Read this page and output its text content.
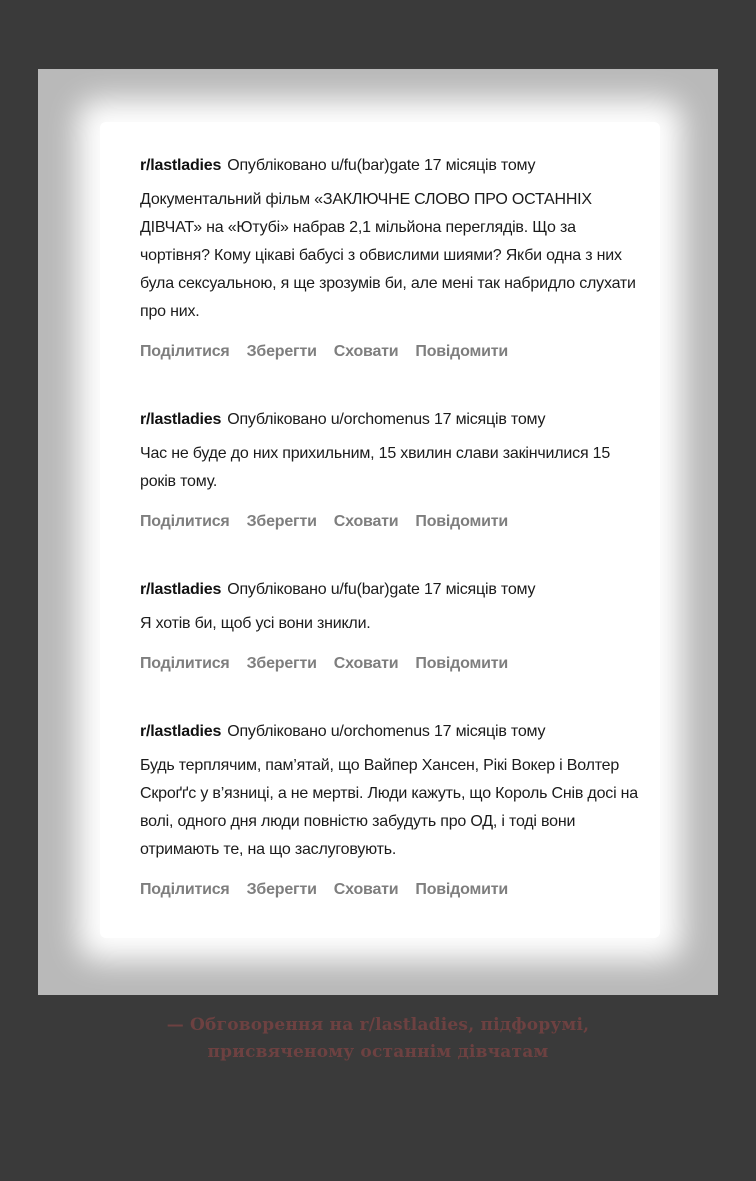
r/lastladies Опубліковано u/fu(bar)gate 17 місяців тому

Документальний фільм «ЗАКЛЮЧНЕ СЛОВО ПРО ОСТАННІХ ДІВЧАТ» на «Ютубі» набрав 2,1 мільйона переглядів. Що за чортівня? Кому цікаві бабусі з обвислими шиями? Якби одна з них була сексуальною, я ще зрозумів би, але мені так набридло слухати про них.

Поділитися Зберегти Сховати Повідомити
r/lastladies Опубліковано u/orchomenus 17 місяців тому

Час не буде до них прихильним, 15 хвилин слави закінчилися 15 років тому.

Поділитися Зберегти Сховати Повідомити
r/lastladies Опубліковано u/fu(bar)gate 17 місяців тому

Я хотів би, щоб усі вони зникли.

Поділитися Зберегти Сховати Повідомити
r/lastladies Опубліковано u/orchomenus 17 місяців тому

Будь терплячим, пам’ятай, що Вайпер Хансен, Рікі Вокер і Волтер Скроґґс у в’язниці, а не мертві. Люди кажуть, що Король Снів досі на волі, одного дня люди повністю забудуть про ОД, і тоді вони отримають те, на що заслуговують.

Поділитися Зберегти Сховати Повідомити
— Обговорення на r/lastladies, підфорумі,
присвяченому останнім дівчатам
